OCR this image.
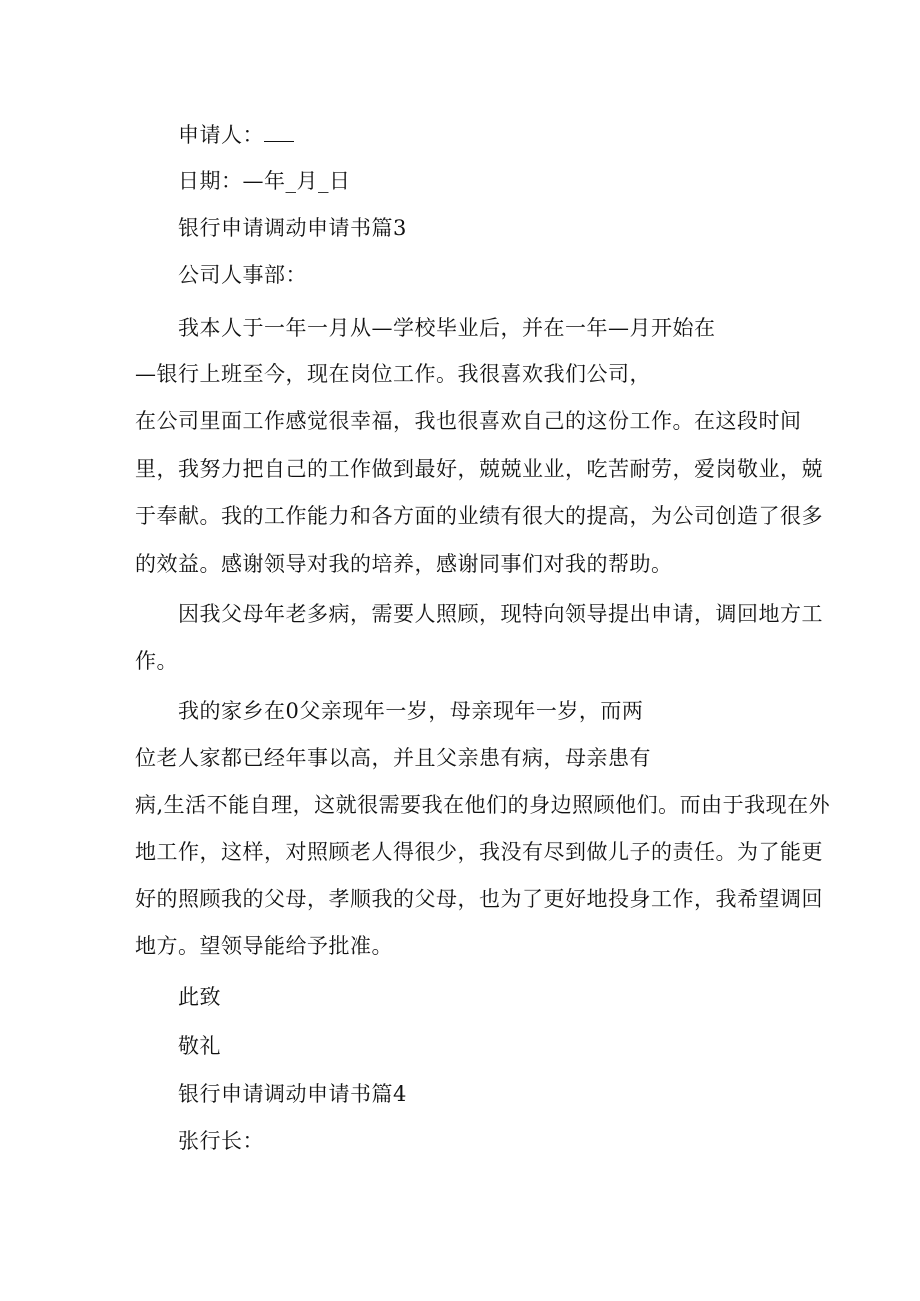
申请人：
日期：—年_月_日
银行申请调动申请书篇3
公司人事部：
我本人于一年一月从—学校毕业后，并在一年—月开始在
—银行上班至今，现在岗位工作。我很喜欢我们公司，
在公司里面工作感觉很幸福，我也很喜欢自己的这份工作。在这段时间
里，我努力把自己的工作做到最好，兢兢业业，吃苦耐劳，爱岗敬业，兢
于奉献。我的工作能力和各方面的业绩有很大的提高，为公司创造了很多
的效益。感谢领导对我的培养，感谢同事们对我的帮助。
因我父母年老多病，需要人照顾，现特向领导提出申请，调回地方工
作。
我的家乡在0父亲现年一岁，母亲现年一岁，而两
位老人家都已经年事以高，并且父亲患有病，母亲患有
病,生活不能自理，这就很需要我在他们的身边照顾他们。而由于我现在外
地工作，这样，对照顾老人得很少，我没有尽到做儿子的责任。为了能更
好的照顾我的父母，孝顺我的父母，也为了更好地投身工作，我希望调回
地方。望领导能给予批准。
此致
敬礼
银行申请调动申请书篇4
张行长：
